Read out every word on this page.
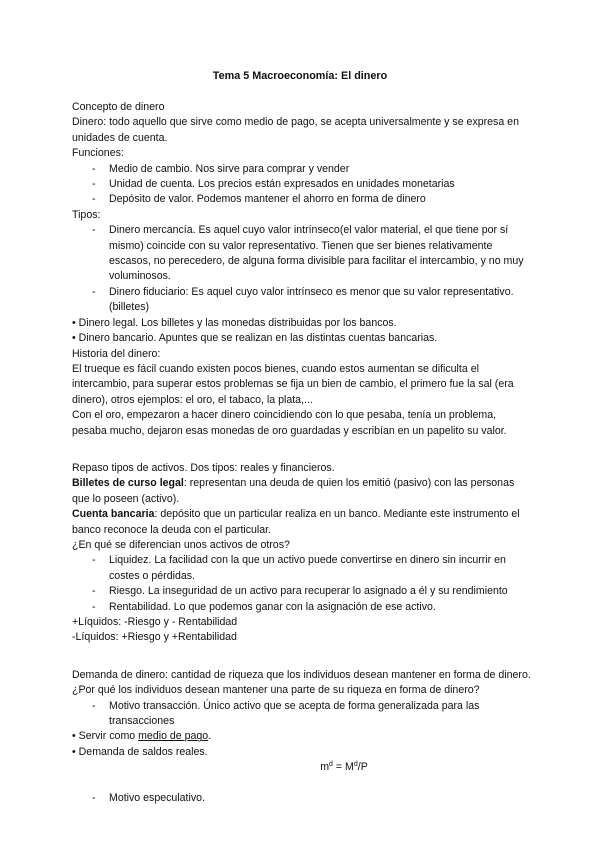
Tema 5 Macroeconomía: El dinero

Concepto de dinero

Dinero: todo aquello que sirve como medio de pago, se acepta universalmente y se expresa en unidades de cuenta.

Funciones:

- Medio de cambio. Nos sirve para comprar y vender

- Unidad de cuenta. Los precios están expresados en unidades monetarias

- Depósito de valor. Podemos mantener el ahorro en forma de dinero

Tipos:

- Dinero mercancía. Es aquel cuyo valor intrínseco(el valor material, el que tiene por sí mismo) coincide con su valor representativo. Tienen que ser bienes relativamente escasos, no perecedero, de alguna forma divisible para facilitar el intercambio, y no muy voluminosos.

- Dinero fiduciario: Es aquel cuyo valor intrínseco es menor que su valor representativo. (billetes)

• Dinero legal. Los billetes y las monedas distribuidas por los bancos.

• Dinero bancario. Apuntes que se realizan en las distintas cuentas bancarias.

Historia del dinero:

El trueque es fácil cuando existen pocos bienes, cuando estos aumentan se dificulta el intercambio, para superar estos problemas se fija un bien de cambio, el primero fue la sal (era dinero), otros ejemplos: el oro, el tabaco, la plata,...

Con el oro, empezaron a hacer dinero coincidiendo con lo que pesaba, tenía un problema, pesaba mucho, dejaron esas monedas de oro guardadas y escribían en un papelito su valor.

Repaso tipos de activos. Dos tipos: reales y financieros.

Billetes de curso legal: representan una deuda de quien los emitió (pasivo) con las personas que lo poseen (activo).

Cuenta bancaria: depósito que un particular realiza en un banco. Mediante este instrumento el banco reconoce la deuda con el particular.

¿En qué se diferencian unos activos de otros?

- Liquidez. La facilidad con la que un activo puede convertirse en dinero sin incurrir en costes o pérdidas.

- Riesgo. La inseguridad de un activo para recuperar lo asignado a él y su rendimiento

- Rentabilidad. Lo que podemos ganar con la asignación de ese activo.

+Líquidos: -Riesgo y - Rentabilidad

-Líquidos: +Riesgo y +Rentabilidad

Demanda de dinero: cantidad de riqueza que los individuos desean mantener en forma de dinero.

¿Por qué los individuos desean mantener una parte de su riqueza en forma de dinero?

- Motivo transacción. Único activo que se acepta de forma generalizada para las transacciones

• Servir como medio de pago.

• Demanda de saldos reales.

$m^d = M^d/P$

- Motivo especulativo.
